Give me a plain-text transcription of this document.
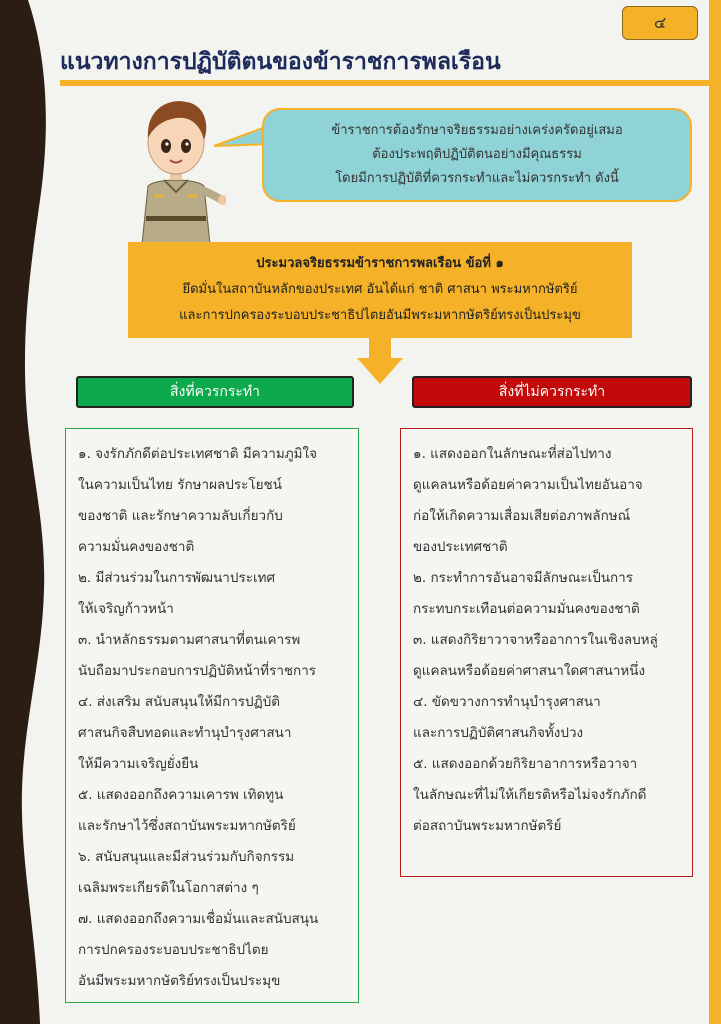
๔
แนวทางการปฏิบัติตนของข้าราชการพลเรือน
ข้าราชการต้องรักษาจริยธรรมอย่างเคร่งครัดอยู่เสมอ
ต้องประพฤติปฏิบัติตนอย่างมีคุณธรรม
โดยมีการปฏิบัติที่ควรกระทำและไม่ควรกระทำ ดังนี้
ประมวลจริยธรรมข้าราชการพลเรือน ข้อที่ ๑
ยึดมั่นในสถาบันหลักของประเทศ อันได้แก่ ชาติ ศาสนา พระมหากษัตริย์
และการปกครองระบอบประชาธิปไตยอันมีพระมหากษัตริย์ทรงเป็นประมุข
สิ่งที่ควรกระทำ	สิ่งที่ไม่ควรกระทำ
๑. จงรักภักดีต่อประเทศชาติ มีความภูมิใจ
ในความเป็นไทย รักษาผลประโยชน์
ของชาติ และรักษาความลับเกี่ยวกับ
ความมั่นคงของชาติ
๒. มีส่วนร่วมในการพัฒนาประเทศ
ให้เจริญก้าวหน้า
๓. นำหลักธรรมตามศาสนาที่ตนเคารพ
นับถือมาประกอบการปฏิบัติหน้าที่ราชการ
๔. ส่งเสริม สนับสนุนให้มีการปฏิบัติ
ศาสนกิจสืบทอดและทำนุบำรุงศาสนา
ให้มีความเจริญยั่งยืน
๕. แสดงออกถึงความเคารพ เทิดทูน
และรักษาไว้ซึ่งสถาบันพระมหากษัตริย์
๖. สนับสนุนและมีส่วนร่วมกับกิจกรรม
เฉลิมพระเกียรติในโอกาสต่าง ๆ
๗. แสดงออกถึงความเชื่อมั่นและสนับสนุน
การปกครองระบอบประชาธิปไตย
อันมีพระมหากษัตริย์ทรงเป็นประมุข
๑. แสดงออกในลักษณะที่ส่อไปทาง
ดูแคลนหรือด้อยค่าความเป็นไทยอันอาจ
ก่อให้เกิดความเสื่อมเสียต่อภาพลักษณ์
ของประเทศชาติ
๒. กระทำการอันอาจมีลักษณะเป็นการ
กระทบกระเทือนต่อความมั่นคงของชาติ
๓. แสดงกิริยาวาจาหรืออาการในเชิงลบหลู่
ดูแคลนหรือด้อยค่าศาสนาใดศาสนาหนึ่ง
๔. ขัดขวางการทำนุบำรุงศาสนา
และการปฏิบัติศาสนกิจทั้งปวง
๕. แสดงออกด้วยกิริยาอาการหรือวาจา
ในลักษณะที่ไม่ให้เกียรติหรือไม่จงรักภักดี
ต่อสถาบันพระมหากษัตริย์
